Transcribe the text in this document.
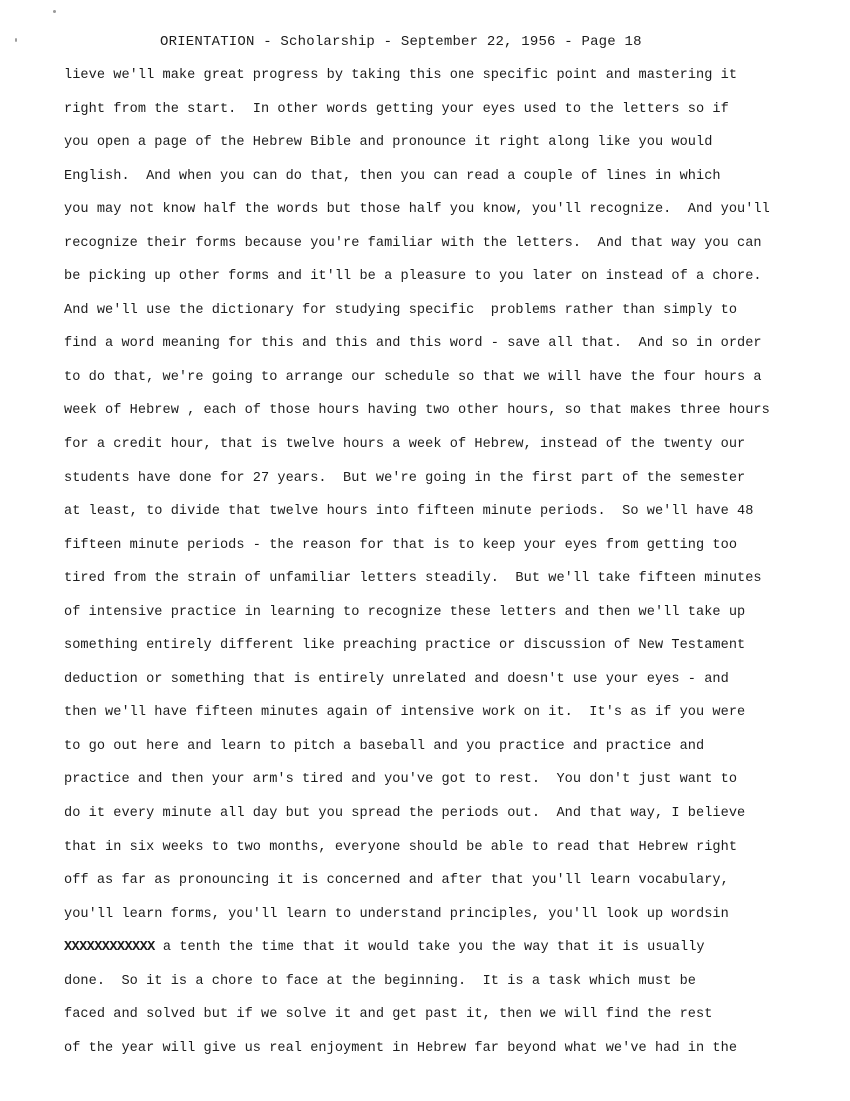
ORIENTATION - Scholarship - September 22, 1956 - Page 18
lieve we'll make great progress by taking this one specific point and mastering it
right from the start.  In other words getting your eyes used to the letters so if
you open a page of the Hebrew Bible and pronounce it right along like you would
English.  And when you can do that, then you can read a couple of lines in which
you may not know half the words but those half you know, you'll recognize.  And you'll
recognize their forms because you're familiar with the letters.  And that way you can
be picking up other forms and it'll be a pleasure to you later on instead of a chore.
And we'll use the dictionary for studying specific  problems rather than simply to
find a word meaning for this and this and this word - save all that.  And so in order
to do that, we're going to arrange our schedule so that we will have the four hours a
week of Hebrew , each of those hours having two other hours, so that makes three hours
for a credit hour, that is twelve hours a week of Hebrew, instead of the twenty our
students have done for 27 years.  But we're going in the first part of the semester
at least, to divide that twelve hours into fifteen minute periods.  So we'll have 48
fifteen minute periods - the reason for that is to keep your eyes from getting too
tired from the strain of unfamiliar letters steadily.  But we'll take fifteen minutes
of intensive practice in learning to recognize these letters and then we'll take up
something entirely different like preaching practice or discussion of New Testament
deduction or something that is entirely unrelated and doesn't use your eyes - and
then we'll have fifteen minutes again of intensive work on it.  It's as if you were
to go out here and learn to pitch a baseball and you practice and practice and
practice and then your arm's tired and you've got to rest.  You don't just want to
do it every minute all day but you spread the periods out.  And that way, I believe
that in six weeks to two months, everyone should be able to read that Hebrew right
off as far as pronouncing it is concerned and after that you'll learn vocabulary,
you'll learn forms, you'll learn to understand principles, you'll look up wordsin
XXXXXXXXXXXX a tenth the time that it would take you the way that it is usually
done.  So it is a chore to face at the beginning.  It is a task which must be
faced and solved but if we solve it and get past it, then we will find the rest
of the year will give us real enjoyment in Hebrew far beyond what we've had in the
